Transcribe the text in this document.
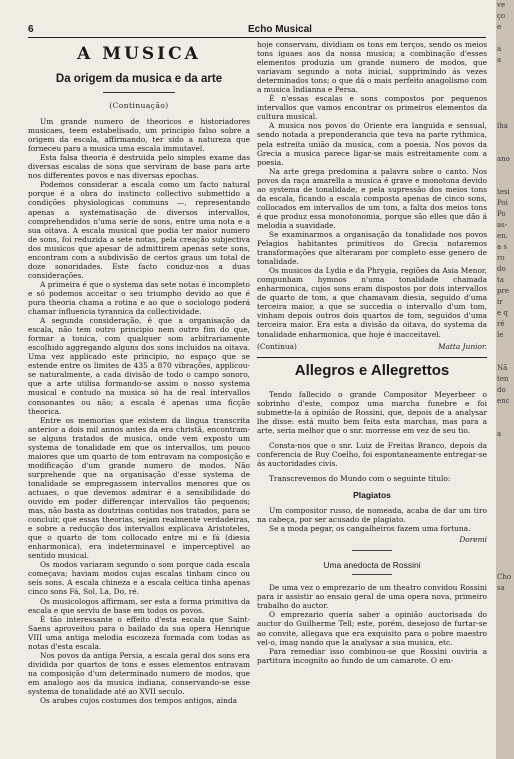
6	Echo Musical
A MUSICA
Da origem da musica e da arte
(Continuação)

Um grande numero de theoricos e historiadores musicaes, teem estabelisado, um principio falso sobre a origem da escala, affirmando, ter sido a natureza que forneceu para a musica uma escala immutavel.

Esta falsa theoria é destruida pelo simples exame das diversas escalas de sons que serviram de base para arte nos differentes povos e nas diversas epochas.

Podemos considerar a escala como um facto natural porque é a obra do instincto collectivo submettido a condições physiologicas communs —, representando apenas a systematisação de diversos intervallos, comprehendidos n'uma serie de sons, entre uma nota e a sua oitava. A escala musical que podia ter maior numero de sons, foi reduzida a sete notas, pela creação subjectiva dos musicos que apesar de admittirem apenas sete sons, encontram com a subdivisão de certos graus um total de doze sonoridades. Este facto conduz-nos a duas considerações.

A primeira é que o systema das sete notas é incompleto e só podemos acceitar o seu triumpho devido ao que é pura theoria chama a rotina e ao que o sociologo poderá chamar influencia tyrannica da collectividade.

A segunda consideração, é que a organisação da escala, não tem outro principio nem outro fim do que, formar a tonica, com qualquer som arbitrariamente escolhido aggregando alguns dos sons incluidos na oitava. Uma vez applicado este principio, no espaço que se estende entre os limites de 435 a 870 vibrações, applicou-se naturalmente, a cada divisão de todo o campo sonoro, que a arte utilisa formando-se assim o nosso systema musical e contudo na musica só ha de real intervallos consonantes ou não; a escala é apenas uma ficção theorica.

Entre os memorias que existem da lingua transcrita anterior a dois mil annos antes da era christã, encontram-se alguns tratados de musica, onde vem exposto um systema de tonalidade em que os intervallos, um pouco maiores que um quarto de tom entravam na composição e modificação d'um grande numero de modos. Não surprehende que na organisação d'esse systema de tonalidade se empregassem intervallos menores que os actuaes, o que devemos admirar é a sensibilidade do ouvido em poder differençar intervallos tão pequenos; mas, não basta as doutrinas contidas nos tratados, para se concluir, que essas theorias, sejam realmente verdadeiras, e sobre a reducção dos intervallos explicava Aristoteles, que o quarto de tom collocado entre mi e fá (diesia enharmonica), era indeterminavel e imperceptivel ao sentido musical.

Os modos variaram segundo o som porque cada escala começava; haviam modos cujas escalas tinham cinco ou seis sons. A escala chineza e a escala celtica tinha apenas cinco sons Fá, Sol, La, Do, ré.

Os musicologos affirmam, ser esta a forma primitiva da escala e que serviu de base em todos os povos.

É tão interessante o effeito d'esta escala que Saint-Saens aproveitou para o bailado da sua opera Henrique VIII uma antiga melodia escozeza formada com todas as notas d'esta escala.

Nos povos da antiga Persia, a escala geral dos sons era dividida por quartos de tons e esses elementos entravam na composição d'um determinado numero de modos, que em analogo aos da musica indiana, conservando-se esse systema de tonalidade até ao XVII seculo.

Os arabes cujos costumes dos tempos antigos, ainda

hoje conservam, dividiam os tons em terços, sendo os meios tons iguaes aos da nossa musica; a combinação d'esses elementos produzia um grande numero de modos, que variavam segundo a nota inicial, supprimindo ás vezes determinados tons; o que dá o mais perfeito anagolismo com a musica Indianna e Persa.

É n'essas escalas e sons compostos por pequenos intervallos que vamos encontrar os primeiros elementos da cultura musical.

A musica nos povos do Oriente era languida e sensual, sendo notada a preponderancia que teva na parte rythmica, pela estreita união da musica, com a poesia. Nos povos da Grecia a musica parece ligar-se mais estreitamente com a poesia.

Na arte grega predomina a palavra sobre o canto. Nos povos da raça amarella a musica é grave e monotona devido ao systema de tonalidade, e pela supressão dos meios tons da escala, ficando a escala composta apenas de cinco sons, collocados em intervallos de um tom, a falta dos meios tons é que produz essa monotonomia, porque são elles que dão á melodia a suavidade.

Se examinarmos a organisação da tonalidade nos povos Pelagios habitantes primitivos do Grecia notaremos transformações que alteraram por completo esse genero de tonalidade.

Os musicos da Lydia e da Phrygia, regiões da Asia Menor, compunham hymnos n'uma tonalidade chamada enharmonica, cujos sons eram dispostos por dois intervallos de quarto de tom, a que chamavam diesia, seguido d'uma terceira maior, a que se succedia o intervallo d'um tom, vinham depois outros dois quartos de tom, seguidos d'uma terceira maior. Era esta a divisão da oitava, do systema da tonalidade enharmonica, que hoje é inacceitavel.

(Continua)	Matta Junior.
Allegros e Allegrettos

Tendo fallecido o grande Compositor Meyerbeer o sobrinho d'este, compoz uma marcha funebre e foi submette-la á opinião de Rossini, que, depois de a analysar lhe disse: está muito bem feita esta marchas, mas para a arte, seria melhor que o snr. morresse em vez de seu tio.

Consta-nos que o snr. Luiz de Freitas Branco, depois da conferencia de Ruy Coelho, foi espontaneamente entregar-se ás auctoridades civis.

Transcrevemos do Mundo com o seguinte titulo:

Plagiatos

Um compositor russo, de nomeada, acaba de dar um tiro na cabeça, por ser acusado de plagiato.

Se a moda pegar, os cangalheiros fazem uma fortuna.

Doremi
Uma anedocta de Rossini

De uma vez o emprezario de um theatro convidou Rossini para ir assistir ao ensaio geral de uma opera nova, primeiro trabalho do auctor.

O emprezario queria saber a opinião auctorisada do auctor do Guilherme Tell; este, porém, desejoso de furtar-se ao convite, allegava que era exquisito para o pobre maestro vel-o, imag nando que la analysar a sua musica, etc.

Para remediar isso combinou-se que Rossini ouviria a partitura incognito ao fundo de um camarote. O em-

ve
ço
e

a
a

lha

ano

tesi
Poi
Po
as-
en.
a s
ro
do
ta
pre
ir
e q
ré
le

Nã
ten
do
enc

a

Cho
sa
